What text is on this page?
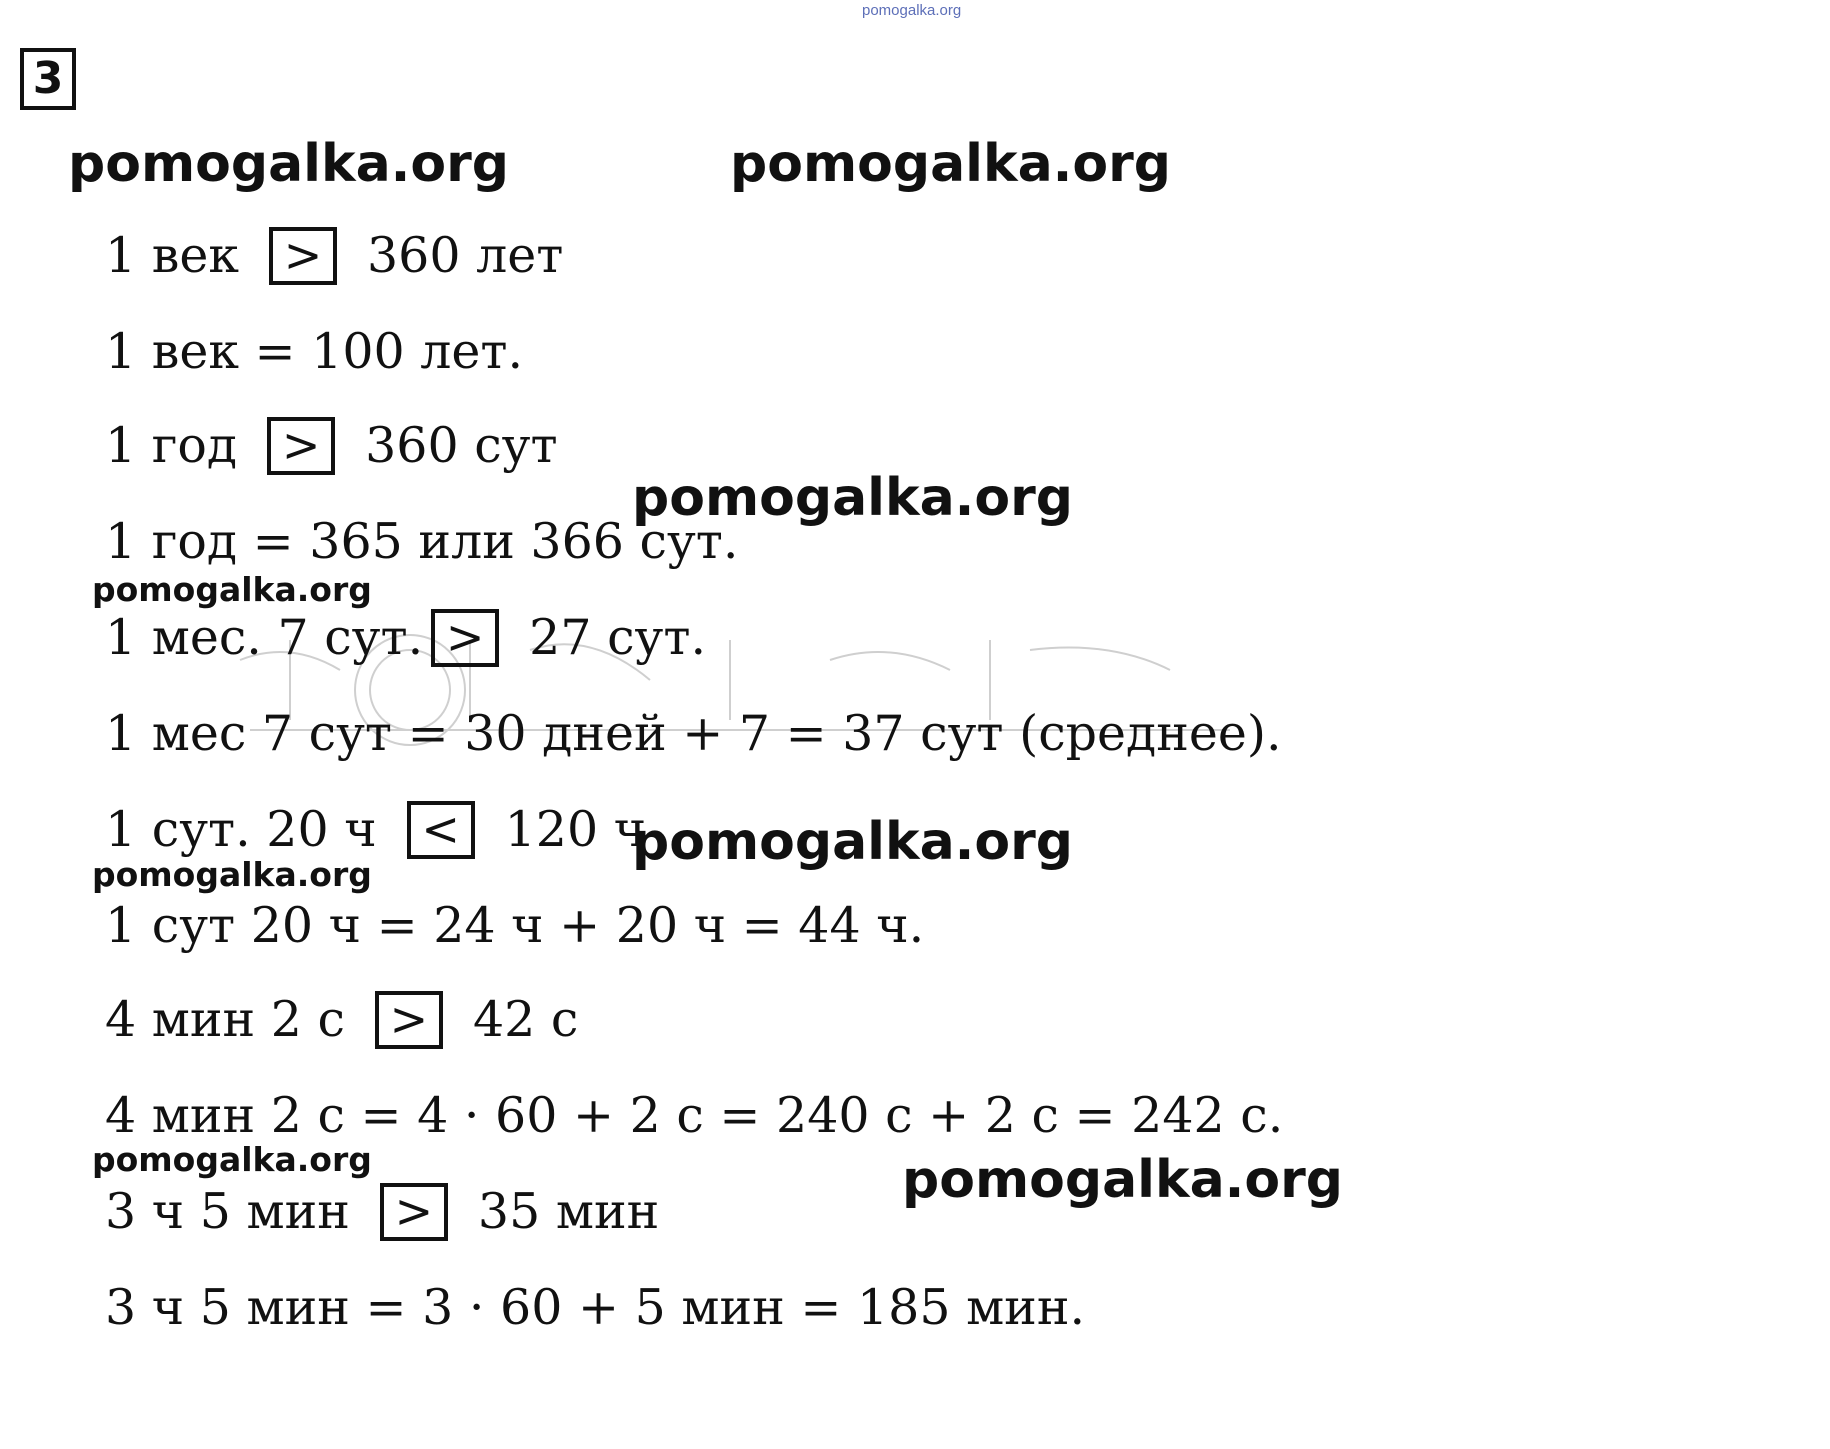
pomogalka.org
3
pomogalka.org	pomogalka.org
pomogalka.org
pomogalka.org
pomogalka.org
pomogalka.org
pomogalka.org	pomogalka.org
1 век > 360 лет
1 век = 100 лет.
1 год > 360 сут
1 год = 365 или 366 сут.
1 мес. 7 сут. > 27 сут.
1 мес 7 сут = 30 дней + 7 = 37 сут (среднее).
1 сут. 20 ч < 120 ч
1 сут 20 ч = 24 ч + 20 ч = 44 ч.
4 мин 2 с > 42 с
4 мин 2 с = 4 · 60 + 2 с = 240 с + 2 с = 242 с.
3 ч 5 мин > 35 мин
3 ч 5 мин = 3 · 60 + 5 мин = 185 мин.
